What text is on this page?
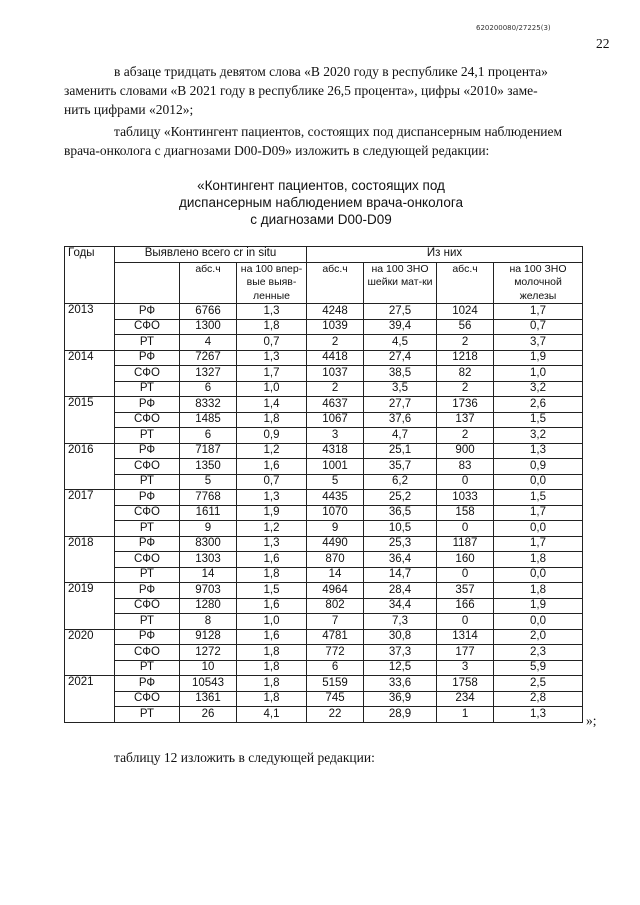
620200080/27225(3)
22
в абзаце тридцать девятом слова «В 2020 году в республике 24,1 процента»
заменить словами «В 2021 году в республике 26,5 процента», цифры «2010» заме-
нить цифрами «2012»;
таблицу «Контингент пациентов, состоящих под диспансерным наблюдением
врача-онколога с диагнозами D00-D09» изложить в следующей редакции:
«Контингент пациентов, состоящих под
диспансерным наблюдением врача-онколога
с диагнозами D00-D09
Годы	Выявлено всего cr in situ			Из них			
		абс.ч	на 100 впер-вые выяв-ленные	абс.ч	на 100 ЗНО шейки мат-ки	абс.ч	на 100 ЗНО молочной железы
2013	РФ	6766	1,3	4248	27,5	1024	1,7
	СФО	1300	1,8	1039	39,4	56	0,7
	РТ	4	0,7	2	4,5	2	3,7
2014	РФ	7267	1,3	4418	27,4	1218	1,9
	СФО	1327	1,7	1037	38,5	82	1,0
	РТ	6	1,0	2	3,5	2	3,2
2015	РФ	8332	1,4	4637	27,7	1736	2,6
	СФО	1485	1,8	1067	37,6	137	1,5
	РТ	6	0,9	3	4,7	2	3,2
2016	РФ	7187	1,2	4318	25,1	900	1,3
	СФО	1350	1,6	1001	35,7	83	0,9
	РТ	5	0,7	5	6,2	0	0,0
2017	РФ	7768	1,3	4435	25,2	1033	1,5
	СФО	1611	1,9	1070	36,5	158	1,7
	РТ	9	1,2	9	10,5	0	0,0
2018	РФ	8300	1,3	4490	25,3	1187	1,7
	СФО	1303	1,6	870	36,4	160	1,8
	РТ	14	1,8	14	14,7	0	0,0
2019	РФ	9703	1,5	4964	28,4	357	1,8
	СФО	1280	1,6	802	34,4	166	1,9
	РТ	8	1,0	7	7,3	0	0,0
2020	РФ	9128	1,6	4781	30,8	1314	2,0
	СФО	1272	1,8	772	37,3	177	2,3
	РТ	10	1,8	6	12,5	3	5,9
2021	РФ	10543	1,8	5159	33,6	1758	2,5
	СФО	1361	1,8	745	36,9	234	2,8
	РТ	26	4,1	22	28,9	1	1,3	»;
таблицу 12 изложить в следующей редакции:
